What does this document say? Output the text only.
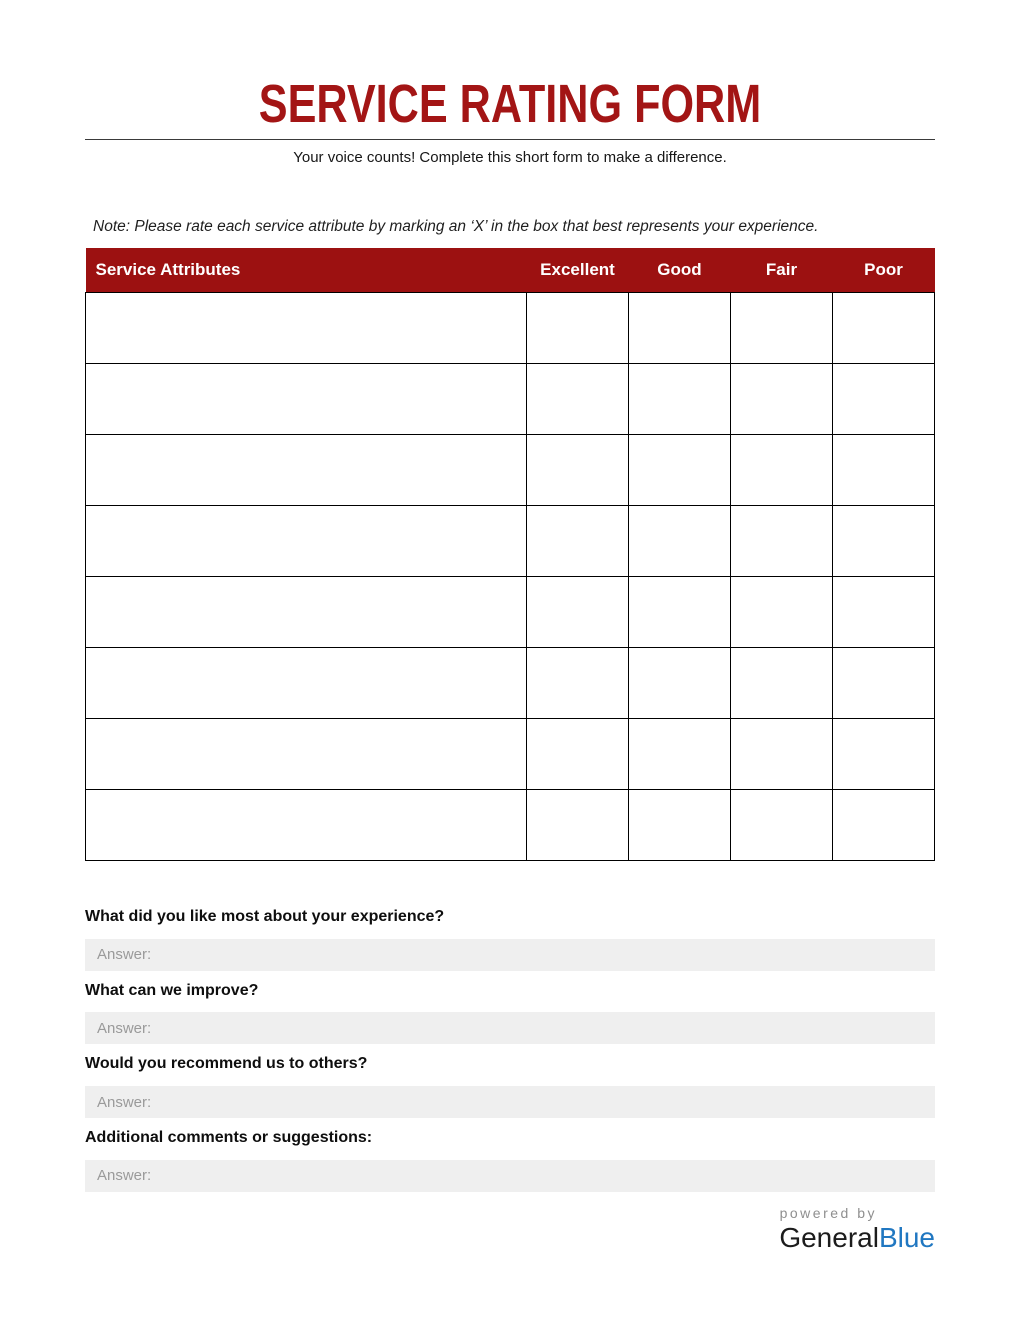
SERVICE RATING FORM
Your voice counts! Complete this short form to make a difference.
Note: Please rate each service attribute by marking an ‘X’ in the box that best represents your experience.
Service Attributes	Excellent	Good	Fair	Poor

What did you like most about your experience?
Answer:
What can we improve?
Answer:
Would you recommend us to others?
Answer:
Additional comments or suggestions:
Answer:
powered by
GeneralBlue
